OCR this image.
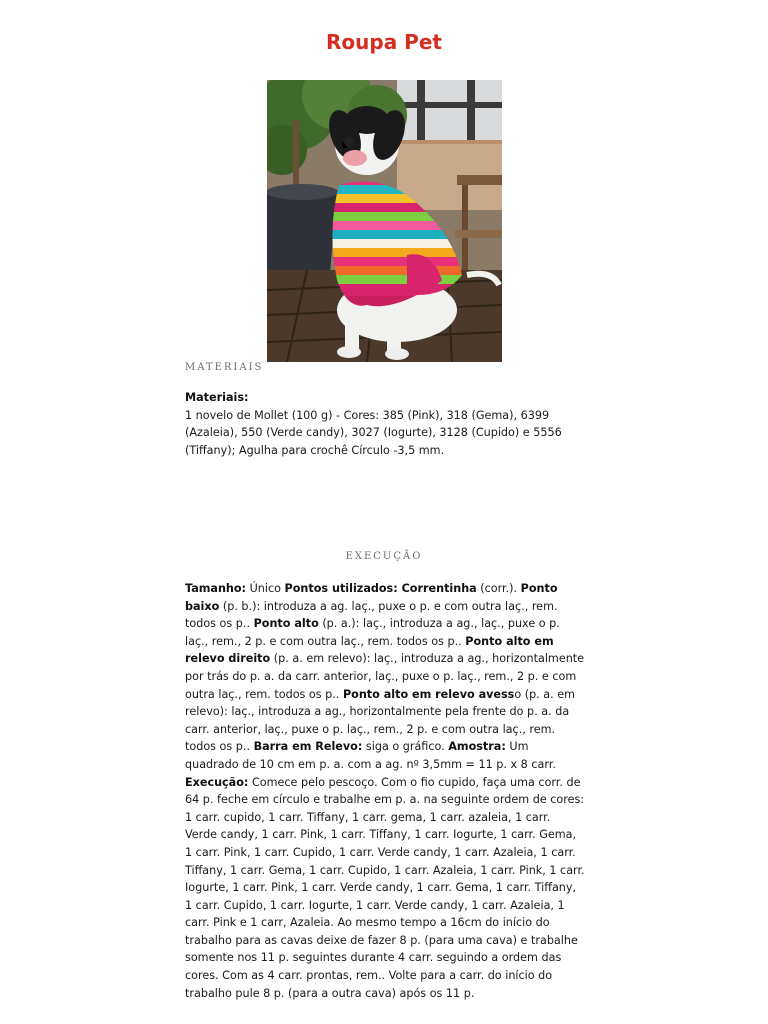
Roupa Pet

MATERIAIS

Materiais:

1 novelo de Mollet (100 g) - Cores: 385 (Pink), 318 (Gema), 6399 (Azaleia), 550 (Verde candy), 3027 (Iogurte), 3128 (Cupido) e 5556 (Tiffany); Agulha para crochê Círculo -3,5 mm.

EXECUÇÃO

Tamanho: Único Pontos utilizados: Correntinha (corr.). Ponto baixo (p. b.): introduza a ag. laç., puxe o p. e com outra laç., rem. todos os p.. Ponto alto (p. a.): laç., introduza a ag., laç., puxe o p. laç., rem., 2 p. e com outra laç., rem. todos os p.. Ponto alto em relevo direito (p. a. em relevo): laç., introduza a ag., horizontalmente por trás do p. a. da carr. anterior, laç., puxe o p. laç., rem., 2 p. e com outra laç., rem. todos os p.. Ponto alto em relevo avesso (p. a. em relevo): laç., introduza a ag., horizontalmente pela frente do p. a. da carr. anterior, laç., puxe o p. laç., rem., 2 p. e com outra laç., rem. todos os p.. Barra em Relevo: siga o gráfico. Amostra: Um quadrado de 10 cm em p. a. com a ag. nº 3,5mm = 11 p. x 8 carr. Execução: Comece pelo pescoço. Com o fio cupido, faça uma corr. de 64 p. feche em círculo e trabalhe em p. a. na seguinte ordem de cores: 1 carr. cupido, 1 carr. Tiffany, 1 carr. gema, 1 carr. azaleia, 1 carr. Verde candy, 1 carr. Pink, 1 carr. Tiffany, 1 carr. Iogurte, 1 carr. Gema, 1 carr. Pink, 1 carr. Cupido, 1 carr. Verde candy, 1 carr. Azaleia, 1 carr. Tiffany, 1 carr. Gema, 1 carr. Cupido, 1 carr. Azaleia, 1 carr. Pink, 1 carr. Iogurte, 1 carr. Pink, 1 carr. Verde candy, 1 carr. Gema, 1 carr. Tiffany, 1 carr. Cupido, 1 carr. Iogurte, 1 carr. Verde candy, 1 carr. Azaleia, 1 carr. Pink e 1 carr, Azaleia. Ao mesmo tempo a 16cm do início do trabalho para as cavas deixe de fazer 8 p. (para uma cava) e trabalhe somente nos 11 p. seguintes durante 4 carr. seguindo a ordem das cores. Com as 4 carr. prontas, rem.. Volte para a carr. do início do trabalho pule 8 p. (para a outra cava) após os 11 p.
